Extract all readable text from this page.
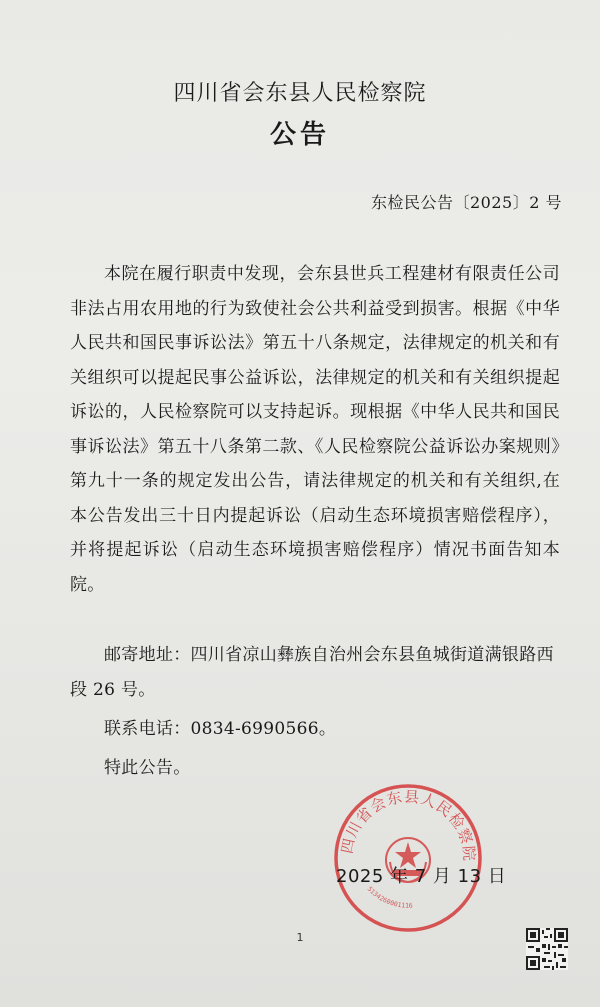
四川省会东县人民检察院
公告
东检民公告〔2025〕2 号

本院在履行职责中发现，会东县世兵工程建材有限责任公司非法占用农用地的行为致使社会公共利益受到损害。根据《中华人民共和国民事诉讼法》第五十八条规定，法律规定的机关和有关组织可以提起民事公益诉讼，法律规定的机关和有关组织提起诉讼的，人民检察院可以支持起诉。现根据《中华人民共和国民事诉讼法》第五十八条第二款、《人民检察院公益诉讼办案规则》第九十一条的规定发出公告，请法律规定的机关和有关组织,在本公告发出三十日内提起诉讼（启动生态环境损害赔偿程序），并将提起诉讼（启动生态环境损害赔偿程序）情况书面告知本院。

邮寄地址：四川省凉山彝族自治州会东县鱼城街道满银路西段 26 号。

联系电话：0834-6990566。

特此公告。

四川省会东县人民检察院
5134260001116
2025 年 7 月 13 日
1
